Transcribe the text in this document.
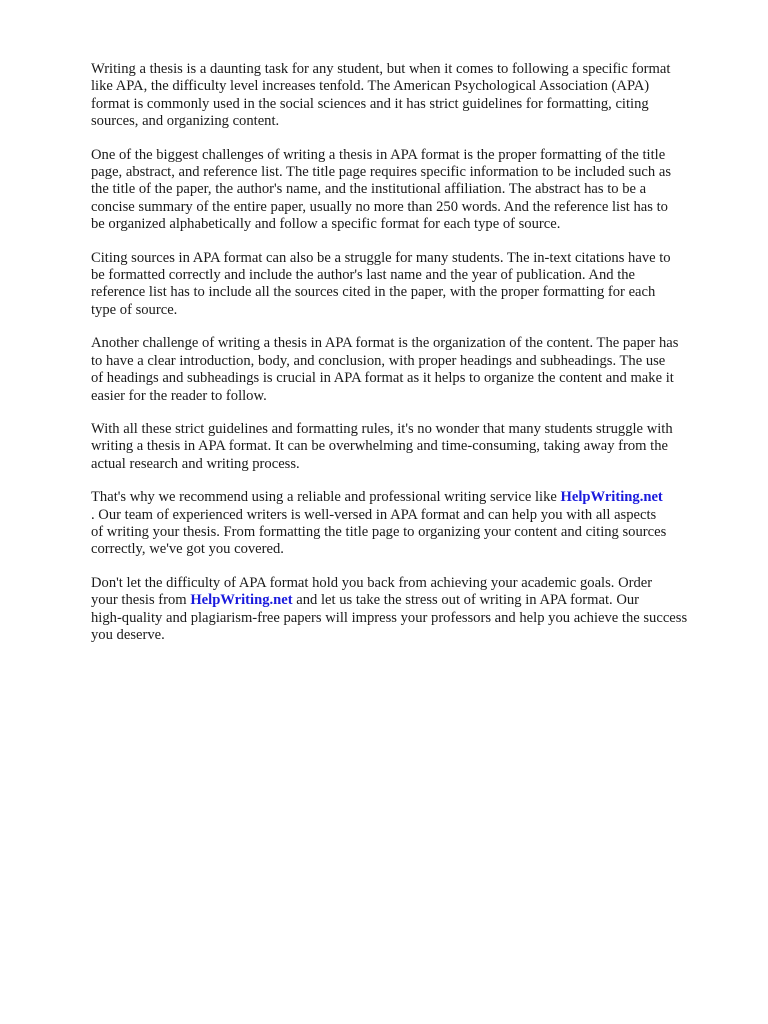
Writing a thesis is a daunting task for any student, but when it comes to following a specific format
like APA, the difficulty level increases tenfold. The American Psychological Association (APA)
format is commonly used in the social sciences and it has strict guidelines for formatting, citing
sources, and organizing content.

One of the biggest challenges of writing a thesis in APA format is the proper formatting of the title
page, abstract, and reference list. The title page requires specific information to be included such as
the title of the paper, the author's name, and the institutional affiliation. The abstract has to be a
concise summary of the entire paper, usually no more than 250 words. And the reference list has to
be organized alphabetically and follow a specific format for each type of source.

Citing sources in APA format can also be a struggle for many students. The in-text citations have to
be formatted correctly and include the author's last name and the year of publication. And the
reference list has to include all the sources cited in the paper, with the proper formatting for each
type of source.

Another challenge of writing a thesis in APA format is the organization of the content. The paper has
to have a clear introduction, body, and conclusion, with proper headings and subheadings. The use
of headings and subheadings is crucial in APA format as it helps to organize the content and make it
easier for the reader to follow.

With all these strict guidelines and formatting rules, it's no wonder that many students struggle with
writing a thesis in APA format. It can be overwhelming and time-consuming, taking away from the
actual research and writing process.

That's why we recommend using a reliable and professional writing service like HelpWriting.net
. Our team of experienced writers is well-versed in APA format and can help you with all aspects
of writing your thesis. From formatting the title page to organizing your content and citing sources
correctly, we've got you covered.

Don't let the difficulty of APA format hold you back from achieving your academic goals. Order
your thesis from HelpWriting.net and let us take the stress out of writing in APA format. Our
high-quality and plagiarism-free papers will impress your professors and help you achieve the success
you deserve.
